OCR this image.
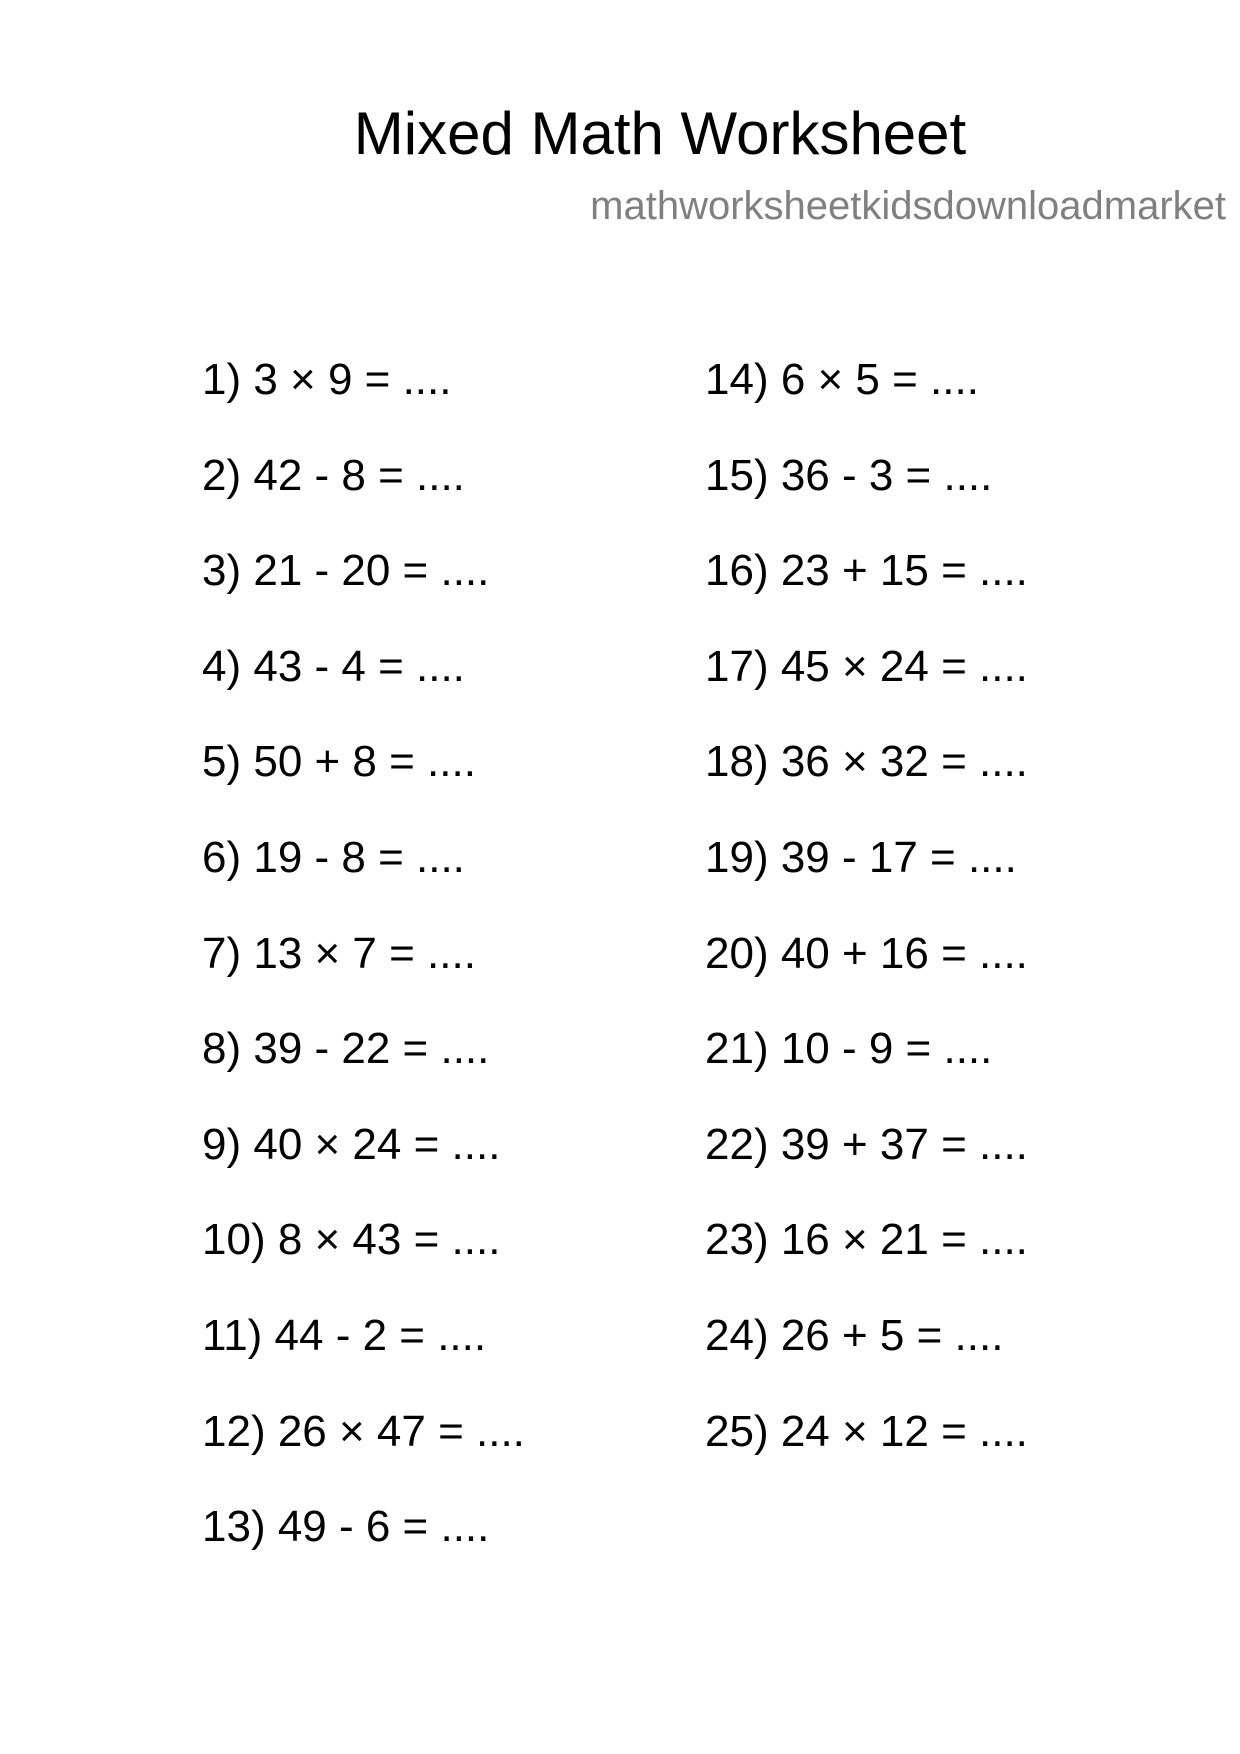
Mixed Math Worksheet
mathworksheetkidsdownloadmarket
1) 3 × 9 = ....
2) 42 - 8 = ....
3) 21 - 20 = ....
4) 43 - 4 = ....
5) 50 + 8 = ....
6) 19 - 8 = ....
7) 13 × 7 = ....
8) 39 - 22 = ....
9) 40 × 24 = ....
10) 8 × 43 = ....
11) 44 - 2 = ....
12) 26 × 47 = ....
13) 49 - 6 = ....
14) 6 × 5 = ....
15) 36 - 3 = ....
16) 23 + 15 = ....
17) 45 × 24 = ....
18) 36 × 32 = ....
19) 39 - 17 = ....
20) 40 + 16 = ....
21) 10 - 9 = ....
22) 39 + 37 = ....
23) 16 × 21 = ....
24) 26 + 5 = ....
25) 24 × 12 = ....
